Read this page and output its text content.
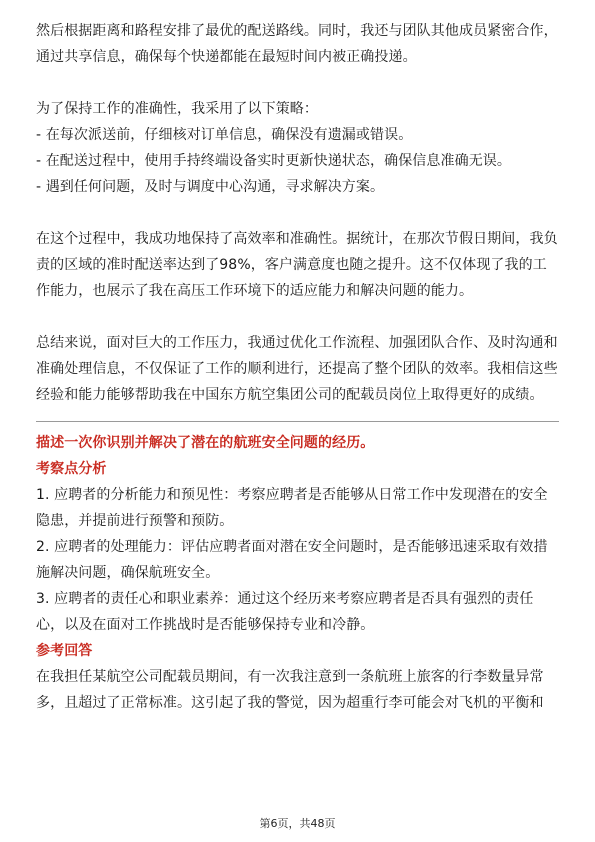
然后根据距离和路程安排了最优的配送路线。同时，我还与团队其他成员紧密合作，通过共享信息，确保每个快递都能在最短时间内被正确投递。

为了保持工作的准确性，我采用了以下策略：

- 在每次派送前，仔细核对订单信息，确保没有遗漏或错误。

- 在配送过程中，使用手持终端设备实时更新快递状态，确保信息准确无误。

- 遇到任何问题，及时与调度中心沟通，寻求解决方案。

在这个过程中，我成功地保持了高效率和准确性。据统计，在那次节假日期间，我负责的区域的准时配送率达到了98%，客户满意度也随之提升。这不仅体现了我的工作能力，也展示了我在高压工作环境下的适应能力和解决问题的能力。

总结来说，面对巨大的工作压力，我通过优化工作流程、加强团队合作、及时沟通和准确处理信息，不仅保证了工作的顺利进行，还提高了整个团队的效率。我相信这些经验和能力能够帮助我在中国东方航空集团公司的配载员岗位上取得更好的成绩。

描述一次你识别并解决了潜在的航班安全问题的经历。

考察点分析

1. 应聘者的分析能力和预见性：考察应聘者是否能够从日常工作中发现潜在的安全隐患，并提前进行预警和预防。

2. 应聘者的处理能力：评估应聘者面对潜在安全问题时，是否能够迅速采取有效措施解决问题，确保航班安全。

3. 应聘者的责任心和职业素养：通过这个经历来考察应聘者是否具有强烈的责任心，以及在面对工作挑战时是否能够保持专业和冷静。

参考回答

在我担任某航空公司配载员期间，有一次我注意到一条航班上旅客的行李数量异常多，且超过了正常标准。这引起了我的警觉，因为超重行李可能会对飞机的平衡和

第6页，共48页
